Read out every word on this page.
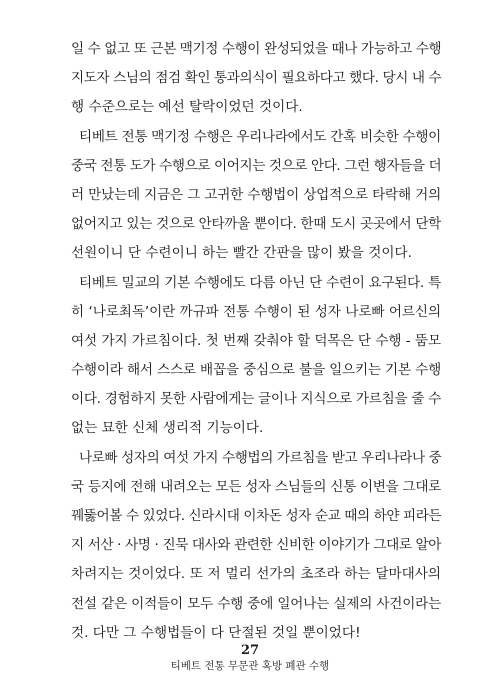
일 수 없고 또 근본 맥기정 수행이 완성되었을 때나 가능하고 수행
지도자 스님의 점검 확인 통과의식이 필요하다고 했다. 당시 내 수
행 수준으로는 예선 탈락이었던 것이다.
티베트 전통 맥기정 수행은 우리나라에서도 간혹 비슷한 수행이
중국 전통 도가 수행으로 이어지는 것으로 안다. 그런 행자들을 더
러 만났는데 지금은 그 고귀한 수행법이 상업적으로 타락해 거의
없어지고 있는 것으로 안타까울 뿐이다. 한때 도시 곳곳에서 단학
선원이니 단 수련이니 하는 빨간 간판을 많이 봤을 것이다.
티베트 밀교의 기본 수행에도 다름 아닌 단 수련이 요구된다. 특
히 ‘나로최독’이란 까규파 전통 수행이 된 성자 나로빠 어르신의
여섯 가지 가르침이다. 첫 번째 갖춰야 할 덕목은 단 수행 - 뚬모
수행이라 해서 스스로 배꼽을 중심으로 불을 일으키는 기본 수행
이다. 경험하지 못한 사람에게는 글이나 지식으로 가르침을 줄 수
없는 묘한 신체 생리적 기능이다.
나로빠 성자의 여섯 가지 수행법의 가르침을 받고 우리나라나 중
국 등지에 전해 내려오는 모든 성자 스님들의 신통 이변을 그대로
꿰뚫어볼 수 있었다. 신라시대 이차돈 성자 순교 때의 하얀 피라든
지 서산 · 사명 · 진묵 대사와 관련한 신비한 이야기가 그대로 알아
차려지는 것이었다. 또 저 멀리 선가의 초조라 하는 달마대사의
전설 같은 이적들이 모두 수행 중에 일어나는 실제의 사건이라는
것. 다만 그 수행법들이 다 단절된 것일 뿐이었다!
27
티베트 전통 무문관 혹방 폐관 수행
